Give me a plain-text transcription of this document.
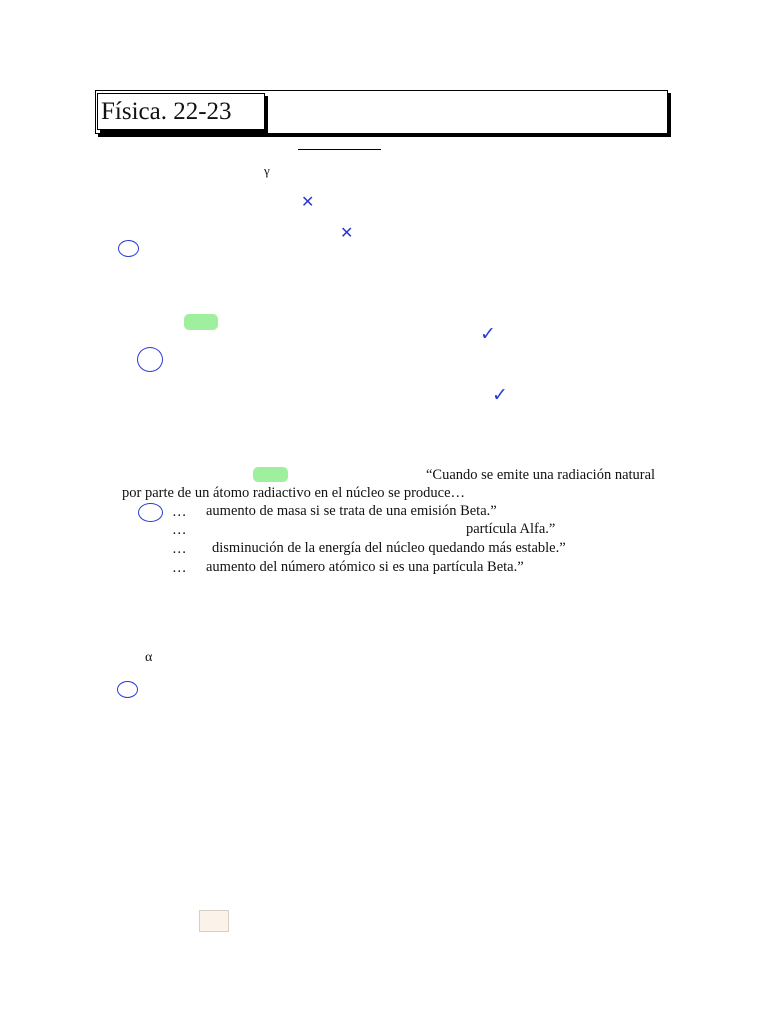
Física. 22-23
γ
✕
✕
✓
✓
“Cuando se emite una radiación natural
por parte de un átomo radiactivo en el núcleo se produce…
… aumento de masa si se trata de una emisión Beta.”
…	partícula Alfa.”
… disminución de la energía del núcleo quedando más estable.”
… aumento del número atómico si es una partícula Beta.”
α
